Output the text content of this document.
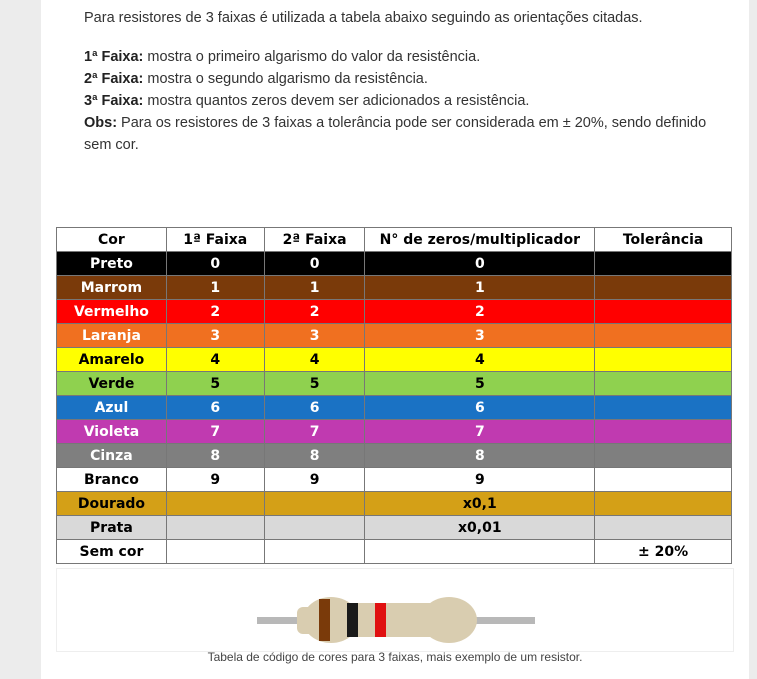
Para resistores de 3 faixas é utilizada a tabela abaixo seguindo as orientações citadas.

1ª Faixa: mostra o primeiro algarismo do valor da resistência.

2ª Faixa: mostra o segundo algarismo da resistência.

3ª Faixa: mostra quantos zeros devem ser adicionados a resistência.

Obs: Para os resistores de 3 faixas a tolerância pode ser considerada em ± 20%, sendo definido sem cor.

Cor	1ª Faixa	2ª Faixa	N° de zeros/multiplicador	Tolerância
Preto	0	0	0	
Marrom	1	1	1	
Vermelho	2	2	2	
Laranja	3	3	3	
Amarelo	4	4	4	
Verde	5	5	5	
Azul	6	6	6	
Violeta	7	7	7	
Cinza	8	8	8	
Branco	9	9	9	
Dourado			x0,1	
Prata			x0,01	
Sem cor				± 20%
Tabela de código de cores para 3 faixas, mais exemplo de um resistor.
